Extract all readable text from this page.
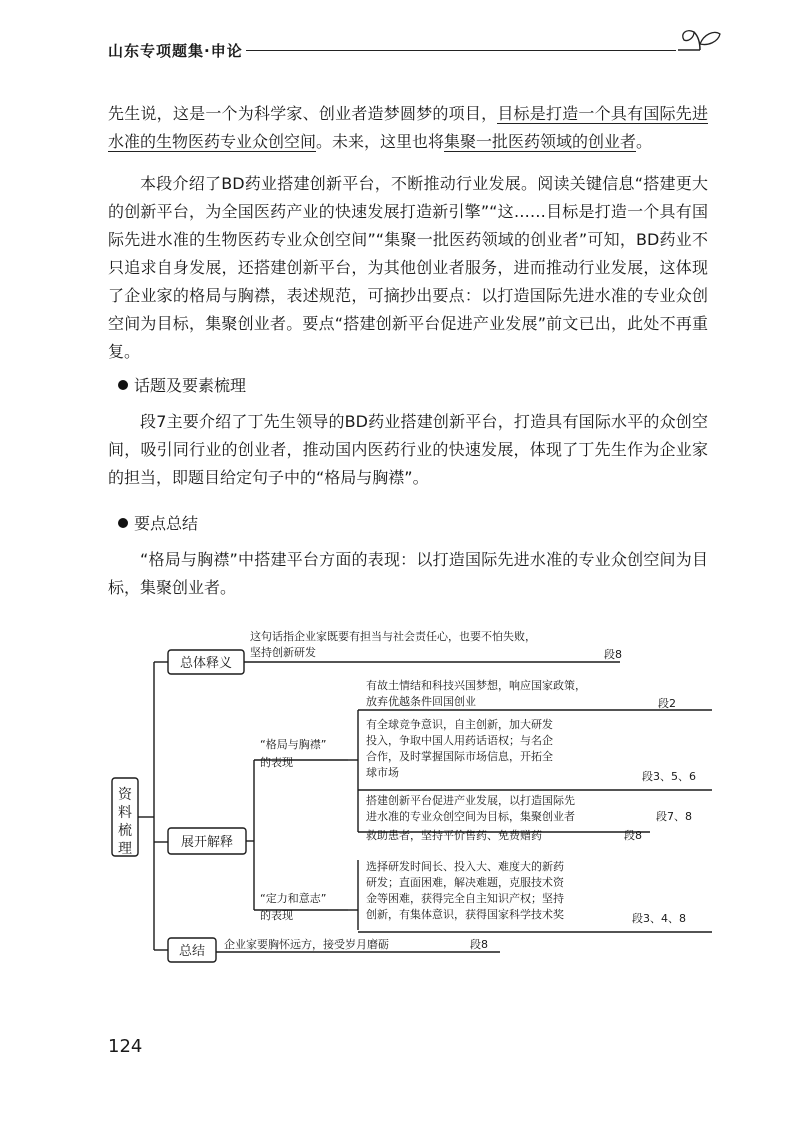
山东专项题集·申论
先生说，这是一个为科学家、创业者造梦圆梦的项目，目标是打造一个具有国际先进水准的生物医药专业众创空间。未来，这里也将集聚一批医药领域的创业者。
本段介绍了BD药业搭建创新平台，不断推动行业发展。阅读关键信息“搭建更大的创新平台，为全国医药产业的快速发展打造新引擎”“这……目标是打造一个具有国际先进水准的生物医药专业众创空间”“集聚一批医药领域的创业者”可知，BD药业不只追求自身发展，还搭建创新平台，为其他创业者服务，进而推动行业发展，这体现了企业家的格局与胸襟，表述规范，可摘抄出要点：以打造国际先进水准的专业众创空间为目标，集聚创业者。要点“搭建创新平台促进产业发展”前文已出，此处不再重复。
话题及要素梳理
段7主要介绍了丁先生领导的BD药业搭建创新平台，打造具有国际水平的众创空间，吸引同行业的创业者，推动国内医药行业的快速发展，体现了丁先生作为企业家的担当，即题目给定句子中的“格局与胸襟”。
要点总结
“格局与胸襟”中搭建平台方面的表现：以打造国际先进水准的专业众创空间为目标，集聚创业者。
资
料
梳
理
总体释义
展开解释
总结
这句话指企业家既要有担当与社会责任心，也要不怕失败，
坚持创新研发	段8
“格局与胸襟”
的表现
有故土情结和科技兴国梦想，响应国家政策，
放弃优越条件回国创业	段2
有全球竞争意识，自主创新，加大研发
投入，争取中国人用药话语权；与名企
合作，及时掌握国际市场信息，开拓全
球市场	段3、5、6
搭建创新平台促进产业发展，以打造国际先
进水准的专业众创空间为目标，集聚创业者	段7、8
救助患者，坚持平价售药、免费赠药	段8
“定力和意志”
的表现
选择研发时间长、投入大、难度大的新药
研发；直面困难，解决难题，克服技术资
金等困难，获得完全自主知识产权；坚持
创新，有集体意识，获得国家科学技术奖	段3、4、8
企业家要胸怀远方，接受岁月磨砺	段8
124
